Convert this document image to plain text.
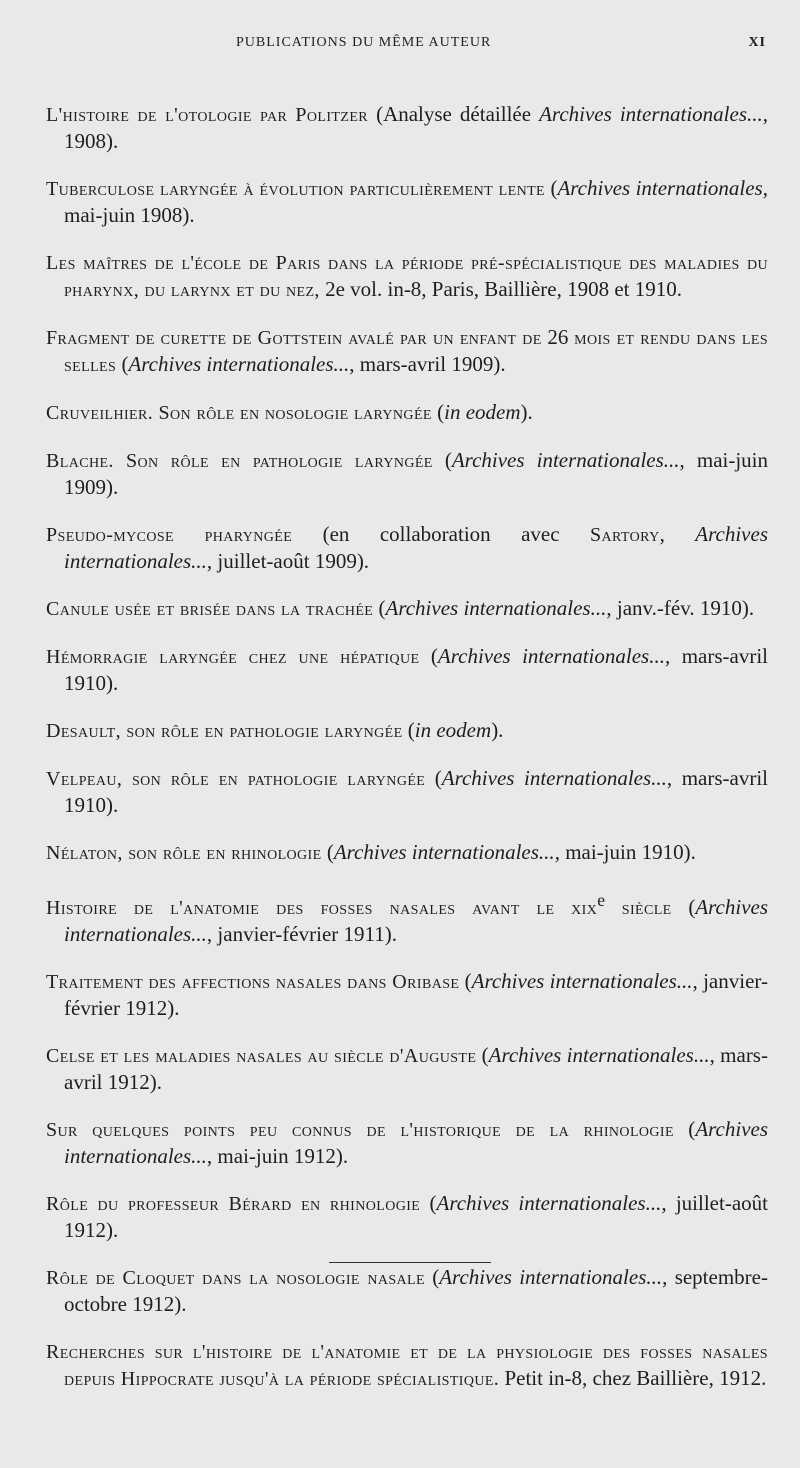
PUBLICATIONS DU MÊME AUTEUR	XI

L'histoire de l'otologie par Politzer (Analyse détaillée Archives internationales..., 1908).

Tuberculose laryngée à évolution particulièrement lente (Archives internationales, mai-juin 1908).

Les maîtres de l'école de Paris dans la période pré-spécialistique des maladies du pharynx, du larynx et du nez, 2e vol. in-8, Paris, Baillière, 1908 et 1910.

Fragment de curette de Gottstein avalé par un enfant de 26 mois et rendu dans les selles (Archives internationales..., mars-avril 1909).

Cruveilhier. Son rôle en nosologie laryngée (in eodem).

Blache. Son rôle en pathologie laryngée (Archives internationales..., mai-juin 1909).

Pseudo-mycose pharyngée (en collaboration avec Sartory, Archives internationales..., juillet-août 1909).

Canule usée et brisée dans la trachée (Archives internationales..., janv.-fév. 1910).

Hémorragie laryngée chez une hépatique (Archives internationales..., mars-avril 1910).

Desault, son rôle en pathologie laryngée (in eodem).

Velpeau, son rôle en pathologie laryngée (Archives internationales..., mars-avril 1910).

Nélaton, son rôle en rhinologie (Archives internationales..., mai-juin 1910).

Histoire de l'anatomie des fosses nasales avant le xix$^e$ siècle (Archives internationales..., janvier-février 1911).

Traitement des affections nasales dans Oribase (Archives internationales..., janvier-février 1912).

Celse et les maladies nasales au siècle d'Auguste (Archives internationales..., mars-avril 1912).

Sur quelques points peu connus de l'historique de la rhinologie (Archives internationales..., mai-juin 1912).

Rôle du professeur Bérard en rhinologie (Archives internationales..., juillet-août 1912).

Rôle de Cloquet dans la nosologie nasale (Archives internationales..., septembre-octobre 1912).

Recherches sur l'histoire de l'anatomie et de la physiologie des fosses nasales depuis Hippocrate jusqu'à la période spécialistique. Petit in-8, chez Baillière, 1912.
